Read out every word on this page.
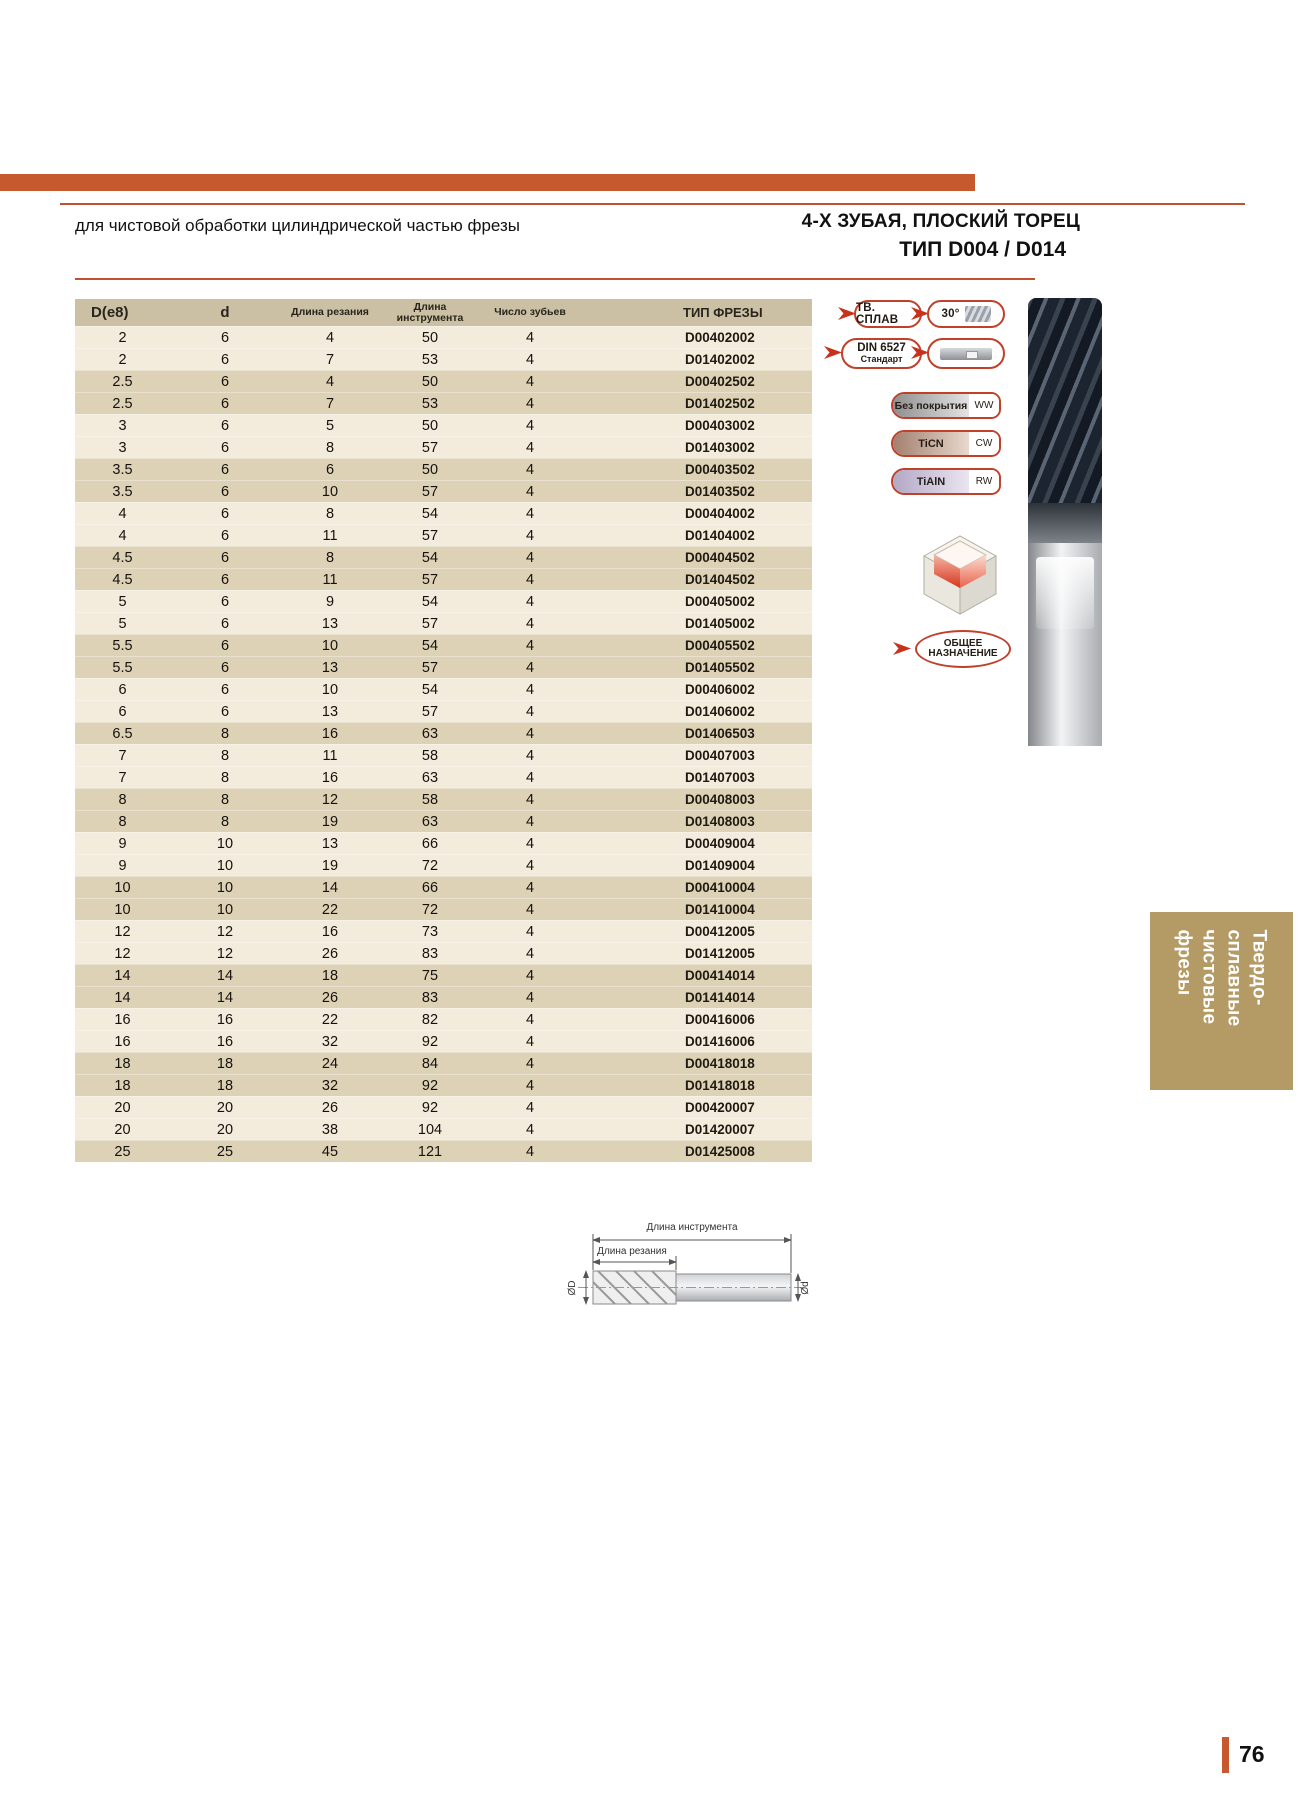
для чистовой обработки цилиндрической частью фрезы	4-Х ЗУБАЯ, ПЛОСКИЙ ТОРЕЦ
ТИП D004 / D014
D(e8)	d	Длина резания	Длина инструмента	Число зубьев	ТИП ФРЕЗЫ
2	6	4	50	4	D00402002
2	6	7	53	4	D01402002
2.5	6	4	50	4	D00402502
2.5	6	7	53	4	D01402502
3	6	5	50	4	D00403002
3	6	8	57	4	D01403002
3.5	6	6	50	4	D00403502
3.5	6	10	57	4	D01403502
4	6	8	54	4	D00404002
4	6	11	57	4	D01404002
4.5	6	8	54	4	D00404502
4.5	6	11	57	4	D01404502
5	6	9	54	4	D00405002
5	6	13	57	4	D01405002
5.5	6	10	54	4	D00405502
5.5	6	13	57	4	D01405502
6	6	10	54	4	D00406002
6	6	13	57	4	D01406002
6.5	8	16	63	4	D01406503
7	8	11	58	4	D00407003
7	8	16	63	4	D01407003
8	8	12	58	4	D00408003
8	8	19	63	4	D01408003
9	10	13	66	4	D00409004
9	10	19	72	4	D01409004
10	10	14	66	4	D00410004
10	10	22	72	4	D01410004
12	12	16	73	4	D00412005
12	12	26	83	4	D01412005
14	14	18	75	4	D00414014
14	14	26	83	4	D01414014
16	16	22	82	4	D00416006
16	16	32	92	4	D01416006
18	18	24	84	4	D00418018
18	18	32	92	4	D01418018
20	20	26	92	4	D00420007
20	20	38	104	4	D01420007
25	25	45	121	4	D01425008
ТВ. СПЛАВ	30°
DIN 6527
Стандарт
Без покрытия WW
TiCN	CW
TiAlN	RW
ОБЩЕЕ
НАЗНАЧЕНИЕ
Твердо-
сплавные
чистовые
фрезы
Длина инструмента
Длина резания
ØD	Ød
76
